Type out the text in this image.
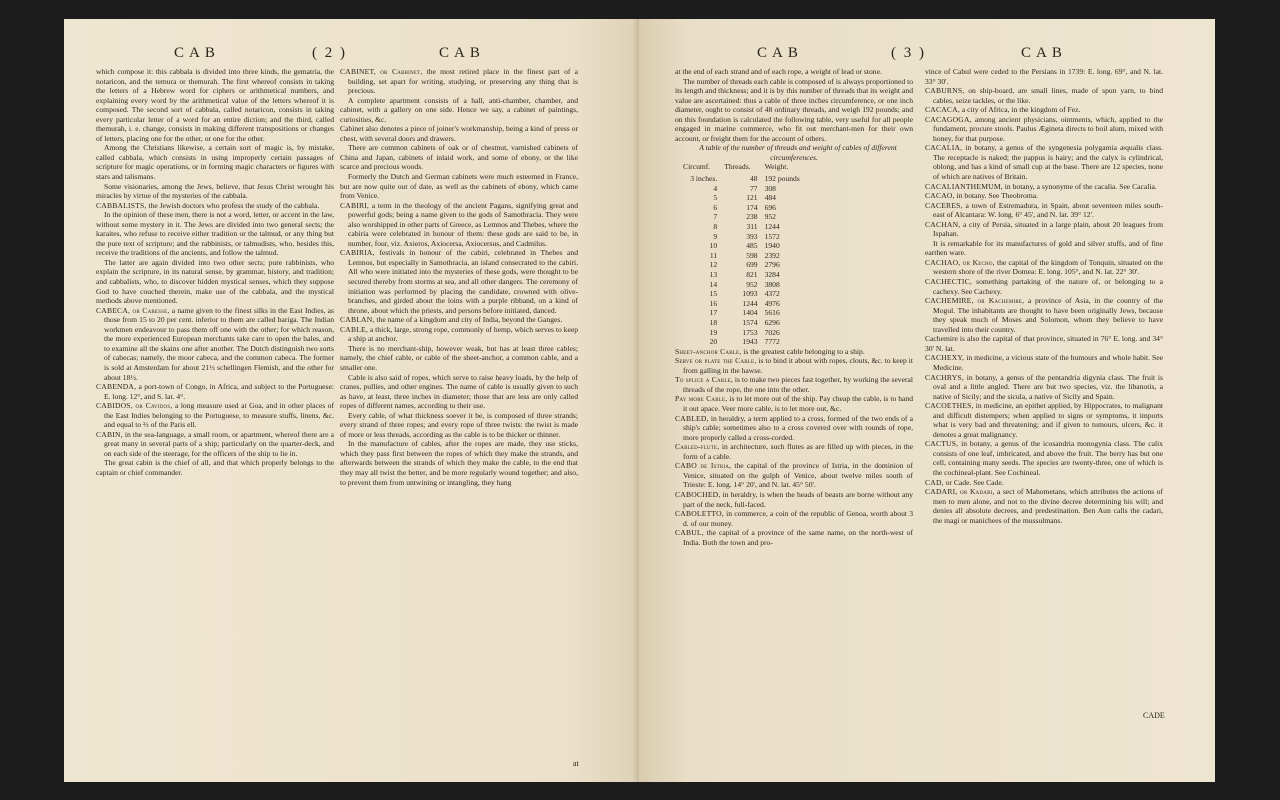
CAB	( 2 )	CAB

which compose it: this cabbala is divided into three kinds, the gematria, the notaricon, and the temura or themurah. The first whereof consists in taking the letters of a Hebrew word for ciphers or arithmetical numbers, and explaining every word by the arithmetical value of the letters whereof it is composed. The second sort of cabbala, called notaricon, consists in taking every particular letter of a word for an entire diction; and the third, called themurah, i. e. change, consists in making different transpositions or changes of letters, placing one for the other, or one for the other.

Among the Christians likewise, a certain sort of magic is, by mistake, called cabbala, which consists in using improperly certain passages of scripture for magic operations, or in forming magic characters or figures with stars and talismans.

Some visionaries, among the Jews, believe, that Jesus Christ wrought his miracles by virtue of the mysteries of the cabbala.

CABBALISTS, the Jewish doctors who profess the study of the cabbala.

In the opinion of these men, there is not a word, letter, or accent in the law, without some mystery in it. The Jews are divided into two general sects; the karaites, who refuse to receive either tradition or the talmud, or any thing but the pure text of scripture; and the rabbinists, or talmudists, who, besides this, receive the traditions of the ancients, and follow the talmud.

The latter are again divided into two other sects; pure rabbinists, who explain the scripture, in its natural sense, by grammar, history, and tradition; and cabbalists, who, to discover hidden mystical senses, which they suppose God to have couched therein, make use of the cabbala, and the mystical methods above mentioned.

CABECA, or Cabesse, a name given to the finest silks in the East Indies, as those from 15 to 20 per cent. inferior to them are called bariga. The Indian workmen endeavour to pass them off one with the other; for which reason, the more experienced European merchants take care to open the bales, and to examine all the skains one after another. The Dutch distinguish two sorts of cabecas; namely, the moor cabeca, and the common cabeca. The former is sold at Amsterdam for about 21½ schellingen Flemish, and the other for about 18½.

CABENDA, a port-town of Congo, in Africa, and subject to the Portuguese: E. long. 12°, and S. lat. 4°.

CABIDOS, or Cavidos, a long measure used at Goa, and in other places of the East Indies belonging to the Portuguese, to measure stuffs, linens, &c. and equal to ⅔ of the Paris ell.

CABIN, in the sea-language, a small room, or apartment, whereof there are a great many in several parts of a ship; particularly on the quarter-deck, and on each side of the steerage, for the officers of the ship to lie in.

The great cabin is the chief of all, and that which properly belongs to the captain or chief commander.

CABINET, or Cabbinet, the most retired place in the finest part of a building, set apart for writing, studying, or preserving any thing that is precious.

A complete apartment consists of a hall, anti-chamber, chamber, and cabinet, with a gallery on one side. Hence we say, a cabinet of paintings, curiosities, &c.

Cabinet also denotes a piece of joiner's workmanship, being a kind of press or chest, with several doors and drawers.

There are common cabinets of oak or of chestnut, varnished cabinets of China and Japan, cabinets of inlaid work, and some of ebony, or the like scarce and precious woods.

Formerly the Dutch and German cabinets were much esteemed in France, but are now quite out of date, as well as the cabinets of ebony, which came from Venice.

CABIRI, a term in the theology of the ancient Pagans, signifying great and powerful gods; being a name given to the gods of Samothracia. They were also worshipped in other parts of Greece, as Lemnos and Thebes, where the cabiria were celebrated in honour of them: these gods are said to be, in number, four, viz. Axieros, Axiocersa, Axiocersus, and Cadmilus.

CABIRIA, festivals in honour of the cabiri, celebrated in Thebes and Lemnos, but especially in Samothracia, an island consecrated to the cabiri. All who were initiated into the mysteries of these gods, were thought to be secured thereby from storms at sea, and all other dangers. The ceremony of initiation was performed by placing the candidate, crowned with olive-branches, and girded about the loins with a purple ribband, on a kind of throne, about which the priests, and persons before initiated, danced.

CABLAN, the name of a kingdom and city of India, beyond the Ganges.

CABLE, a thick, large, strong rope, commonly of hemp, which serves to keep a ship at anchor.

There is no merchant-ship, however weak, but has at least three cables; namely, the chief cable, or cable of the sheet-anchor, a common cable, and a smaller one.

Cable is also said of ropes, which serve to raise heavy loads, by the help of cranes, pullies, and other engines. The name of cable is usually given to such as have, at least, three inches in diameter; those that are less are only called ropes of different names, according to their use.

Every cable, of what thickness soever it be, is composed of three strands; every strand of three ropes; and every rope of three twists: the twist is made of more or less threads, according as the cable is to be thicker or thinner.

In the manufacture of cables, after the ropes are made, they use sticks, which they pass first between the ropes of which they make the strands, and afterwards between the strands of which they make the cable, to the end that they may all twist the better, and be more regularly wound together; and also, to prevent them from untwining or intangling, they hang

at
CAB	( 3 )	CAB

at the end of each strand and of each rope, a weight of lead or stone.

The number of threads each cable is composed of is always proportioned to its length and thickness; and it is by this number of threads that its weight and value are ascertained: thus a cable of three inches circumference, or one inch diameter, ought to consist of 48 ordinary threads, and weigh 192 pounds; and on this foundation is calculated the following table, very useful for all people engaged in marine commerce, who fit out merchant-men for their own account, or freight them for the account of others.

A table of the number of threads and weight of cables of different circumferences.

Circumf.	Threads.	Weight.
3 inches.	48	192 pounds
4	77	308
5	121	484
6	174	696
7	238	952
8	311	1244
9	393	1572
10	485	1940
11	598	2392
12	699	2796
13	821	3284
14	952	3808
15	1093	4372
16	1244	4976
17	1404	5616
18	1574	6296
19	1753	7026
20	1943	7772

Sheet-anchor Cable, is the greatest cable belonging to a ship.

Serve or plate the Cable, is to bind it about with ropes, clouts, &c. to keep it from galling in the hawse.

To splice a Cable, is to make two pieces fast together, by working the several threads of the rope, the one into the other.

Pay more Cable, is to let more out of the ship. Pay cheap the cable, is to hand it out apace. Veer more cable, is to let more out, &c.

CABLED, in heraldry, a term applied to a cross, formed of the two ends of a ship's cable; sometimes also to a cross covered over with rounds of rope, more properly called a cross-corded.

Cabled-flute, in architecture, such flutes as are filled up with pieces, in the form of a cable.

CABO de Istria, the capital of the province of Istria, in the dominion of Venice, situated on the gulph of Venice, about twelve miles south of Trieste: E. long. 14° 20', and N. lat. 45° 50'.

CABOCHED, in heraldry, is when the heads of beasts are borne without any part of the neck, full-faced.

CABOLETTO, in commerce, a coin of the republic of Genoa, worth about 3 d. of our money.

CABUL, the capital of a province of the same name, on the north-west of India. Both the town and pro-

vince of Cabul were ceded to the Persians in 1739: E. long. 69°, and N. lat. 33° 30'.

CABURNS, on ship-board, are small lines, made of spun yarn, to bind cables, seize tackles, or the like.

CACACA, a city of Africa, in the kingdom of Fez.

CACAGOGA, among ancient physicians, ointments, which, applied to the fundament, procure stools. Paulus Ægineta directs to boil alum, mixed with honey, for that purpose.

CACALIA, in botany, a genus of the syngenesia polygamia æqualis class. The receptacle is naked; the pappus is hairy; and the calyx is cylindrical, oblong, and has a kind of small cup at the base. There are 12 species, none of which are natives of Britain.

CACALIANTHEMUM, in botany, a synonyme of the cacalia. See Cacalia.

CACAO, in botany. See Theobroma.

CACERES, a town of Estremadura, in Spain, about seventeen miles south-east of Alcantara: W. long. 6° 45', and N. lat. 39° 12'.

CACHAN, a city of Persia, situated in a large plain, about 20 leagues from Ispahan.

It is remarkable for its manufactures of gold and silver stuffs, and of fine earthen ware.

CACHAO, or Kecho, the capital of the kingdom of Tonquin, situated on the western shore of the river Domea: E. long. 105°, and N. lat. 22° 30'.

CACHECTIC, something partaking of the nature of, or belonging to a cachexy. See Cachexy.

CACHEMIRE, or Kachemire, a province of Asia, in the country of the Mogul. The inhabitants are thought to have been originally Jews, because they speak much of Moses and Solomon, whom they believe to have travelled into their country.

Cachemire is also the capital of that province, situated in 76° E. long. and 34° 30' N. lat.

CACHEXY, in medicine, a vicious state of the humours and whole habit. See Medicine.

CACHRYS, in botany, a genus of the pentandria digynia class. The fruit is oval and a little angled. There are but two species, viz. the libanotis, a native of Sicily; and the sicula, a native of Sicily and Spain.

CACOETHES, in medicine, an epithet applied, by Hippocrates, to malignant and difficult distempers; when applied to signs or symptoms, it imports what is very bad and threatening; and if given to tumours, ulcers, &c. it denotes a great malignancy.

CACTUS, in botany, a genus of the icosandria monogynia class. The calix consists of one leaf, imbricated, and above the fruit. The berry has but one cell, containing many seeds. The species are twenty-three, one of which is the cochineal-plant. See Cochineal.

CAD, or Cade. See Cade.

CADARI, or Kadari, a sect of Mahometans, which attributes the actions of men to men alone, and not to the divine decree determining his will; and denies all absolute decrees, and predestination. Ben Aun calls the cadari, the magi or manichees of the mussulmans.

CADE
